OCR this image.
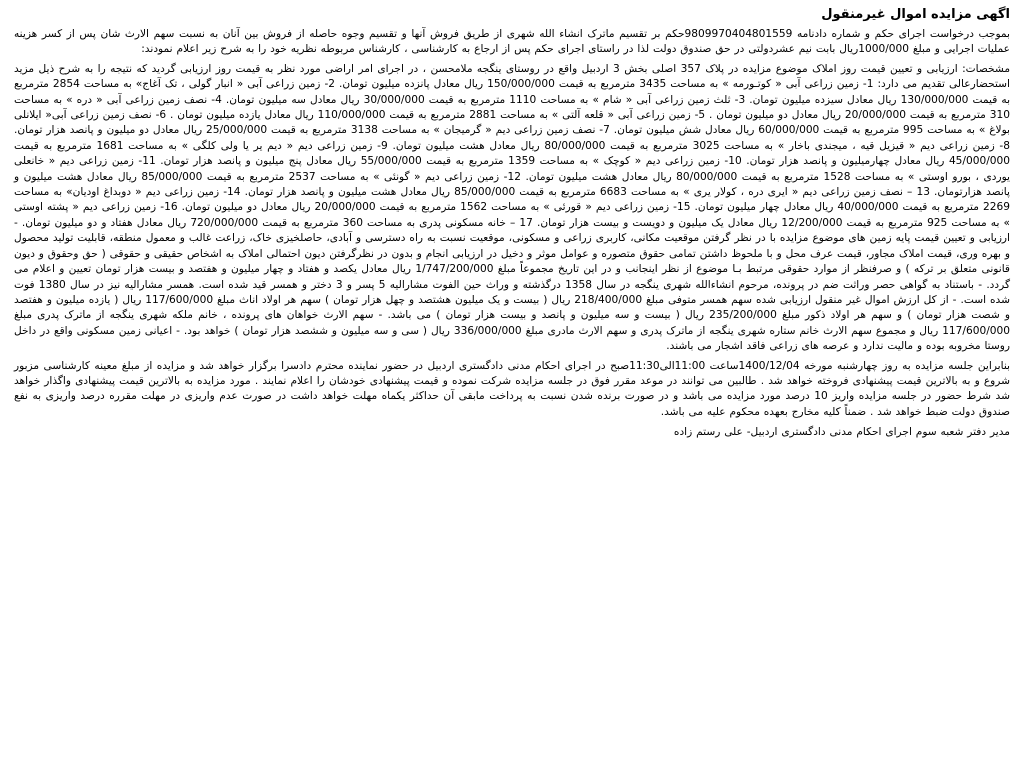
اگهی مزایده اموال غیرمنقول

بموجب درخواست اجرای حکم و شماره دادنامه 9809970404801559حکم بر تقسیم ماترک انشاء الله شهری از طریق فروش آنها و تقسیم وجوه حاصله از فروش بین آنان به نسبت سهم الارث شان پس از کسر هزینه عملیات اجرایی و مبلغ 1000/000ریال بابت نیم عشردولتی در حق صندوق دولت لذا در راستای اجرای حکم پس از ارجاع به کارشناسی ، کارشناس مربوطه نظریه خود را به شرح زیر اعلام نمودند:

مشخصات: ارزیابی و تعیین قیمت روز املاک موضوع مزایده در پلاک 357 اصلی بخش 3 اردبیل واقع در روستای ینگجه ملامحسن ، در اجرای امر اراضی مورد نظر به قیمت روز ارزیابی گردید که نتیجه را به شرح ذیل مزید استحضارعالی تقدیم می دارد: 1- زمین زراعی آبی « کوتـورمه » به مساحت 3435 مترمربع به قیمت 150/000/000 ریال معادل پانزده میلیون تومان. 2- زمین زراعی آبی « انبار گولی ، تک آغاج» به مساحت 2854 مترمربع به قیمت 130/000/000 ریال معادل سیزده میلیون تومان. 3- ثلث زمین زراعی آبی « شام » به مساحت 1110 مترمربع به قیمت 30/000/000 ریال معادل سه میلیون تومان. 4- نصف زمین زراعی آبی « دره » به مساحت 310 مترمربع به قیمت 20/000/000 ریال معادل دو میلیون تومان . 5- زمین زراعی آبی « قلعه آلتی » به مساحت 2881 مترمربع به قیمت 110/000/000 ریال معادل یازده میلیون تومان . 6- نصف زمین زراعی آبی« ایلانلی بولاغ » به مساحت 995 مترمربع به قیمت 60/000/000 ریال معادل شش میلیون تومان. 7- نصف زمین زراعی دیم « گرمیجان » به مساحت 3138 مترمربع به قیمت 25/000/000 ریال معادل دو میلیون و پانصد هزار تومان. 8- زمین زراعی دیم « قیزیل قیه ، میجندی باخار » به مساحت 3025 مترمربع به قیمت 80/000/000 ریال معادل هشت میلیون تومان. 9- زمین زراعی دیم « دیم یر یا ولی کلگی » به مساحت 1681 مترمربع به قیمت 45/000/000 ریال معادل چهارمیلیون و پانصد هزار تومان. 10- زمین زراعی دیم « کوچک » به مساحت 1359 مترمربع به قیمت 55/000/000 ریال معادل پنج میلیون و پانصد هزار تومان. 11- زمین زراعی دیم « خانعلی یوردی ، بورو اوستی » به مساحت 1528 مترمربع به قیمت 80/000/000 ریال معادل هشت میلیون تومان. 12- زمین زراعی دیم « گونئی » به مساحت 2537 مترمربع به قیمت 85/000/000 ریال معادل هشت میلیون و پانصد هزارتومان. 13 – نصف زمین زراعی دیم « ایری دره ، کولار یری » به مساحت 6683 مترمربع به قیمت 85/000/000 ریال معادل هشت میلیون و پانصد هزار تومان. 14- زمین زراعی دیم « دوبداغ اودیان» به مساحت 2269 مترمربع به قیمت 40/000/000 ریال معادل چهار میلیون تومان. 15- زمین زراعی دیم « قورئی » به مساحت 1562 مترمربع به قیمت 20/000/000 ریال معادل دو میلیون تومان. 16- زمین زراعی دیم « پشته اوستی » به مساحت 925 مترمربع به قیمت 12/200/000 ریال معادل یک میلیون و دویست و بیست هزار تومان. 17 – خانه مسکونی پدری به مساحت 360 مترمربع به قیمت 720/000/000 ریال معادل هفتاد و دو میلیون تومان. - ارزیابی و تعیین قیمت پایه زمین های موضوع مزایده با در نظر گرفتن موقعیت مکانی، کاربری زراعی و مسکونی، موقعیت نسبت به راه دسترسی و آبادی، حاصلخیزی خاک، زراعت غالب و معمول منطقه، قابلیت تولید محصول و بهره وری، قیمت املاک مجاور، قیمت عرف محل و با ملحوظ داشتن تمامی حقوق متصوره و عوامل موثر و دخیل در ارزیابی انجام و بدون در نظرگرفتن دیون احتمالی املاک به اشخاص حقیقی و حقوقی ( حق وحقوق و دیون قانونی متعلق بر ترکه ) و صرفنظر از موارد حقوقی مرتبط بـا موضوع از نظر اینجانب و در این تاریخ مجموعاً مبلغ 1/747/200/000 ریال معادل یکصد و هفتاد و چهار میلیون و هفتصد و بیست هزار تومان تعیین و اعلام می گردد. - باستناد به گواهی حصر وراثت ضم در پرونده، مرحوم انشاءالله شهری ینگجه در سال 1358 درگذشته و وراث حین الفوت مشارالیه 5 پسر و 3 دختر و همسر قید شده است. همسر مشارالیه نیز در سال 1380 فوت شده است. - از کل ارزش اموال غیر منقول ارزیابی شده سهم همسر متوفی مبلغ 218/400/000 ریال ( بیست و یک میلیون هشتصد و چهل هزار تومان ) سهم هر اولاد اناث مبلغ 117/600/000 ریال ( یازده میلیون و هفتصد و شصت هزار تومان ) و سهم هر اولاد ذکور مبلغ 235/200/000 ریال ( بیست و سه میلیون و پانصد و بیست هزار تومان ) می باشد. - سهم الارث خواهان های پرونده ، خانم ملکه شهری ینگجه از ماترک پدری مبلغ 117/600/000 ریال و مجموع سهم الارث خانم ستاره شهری ینگجه از ماترک پدری و سهم الارث مادری مبلغ 336/000/000 ریال ( سی و سه میلیون و ششصد هزار تومان ) خواهد بود. - اعیانی زمین مسکونی واقع در داخل روستا مخروبه بوده و مالیت ندارد و عرصه های زراعی فاقد اشجار می باشند.

بنابراین جلسه مزایده به روز چهارشنبه مورخه 1400/12/04ساعت 11:00الی11:30صبح در اجرای احکام مدنی دادگستری اردبیل در حضور نماینده محترم دادسرا برگزار خواهد شد و مزایده از مبلغ معینه کارشناسی مزبور شروع و به بالاترین قیمت پیشنهادی فروخته خواهد شد . طالبین می توانند در موعد مقرر فوق در جلسه مزایده شرکت نموده و قیمت پیشنهادی خودشان را اعلام نمایند . مورد مزایده به بالاترین قیمت پیشنهادی واگذار خواهد شد شرط حضور در جلسه مزایده واریز 10 درصد مورد مزایده می باشد و در صورت برنده شدن نسبت به پرداخت مابقی آن حداکثر یکماه مهلت خواهد داشت در صورت عدم واریزی در مهلت مقرره درصد واریزی به نفع صندوق دولت ضبط خواهد شد . ضمناً کلیه مخارج بعهده محکوم علیه می باشد.

مدیر دفتر شعبه سوم اجرای احکام مدنی دادگستری اردبیل- علی رستم زاده
